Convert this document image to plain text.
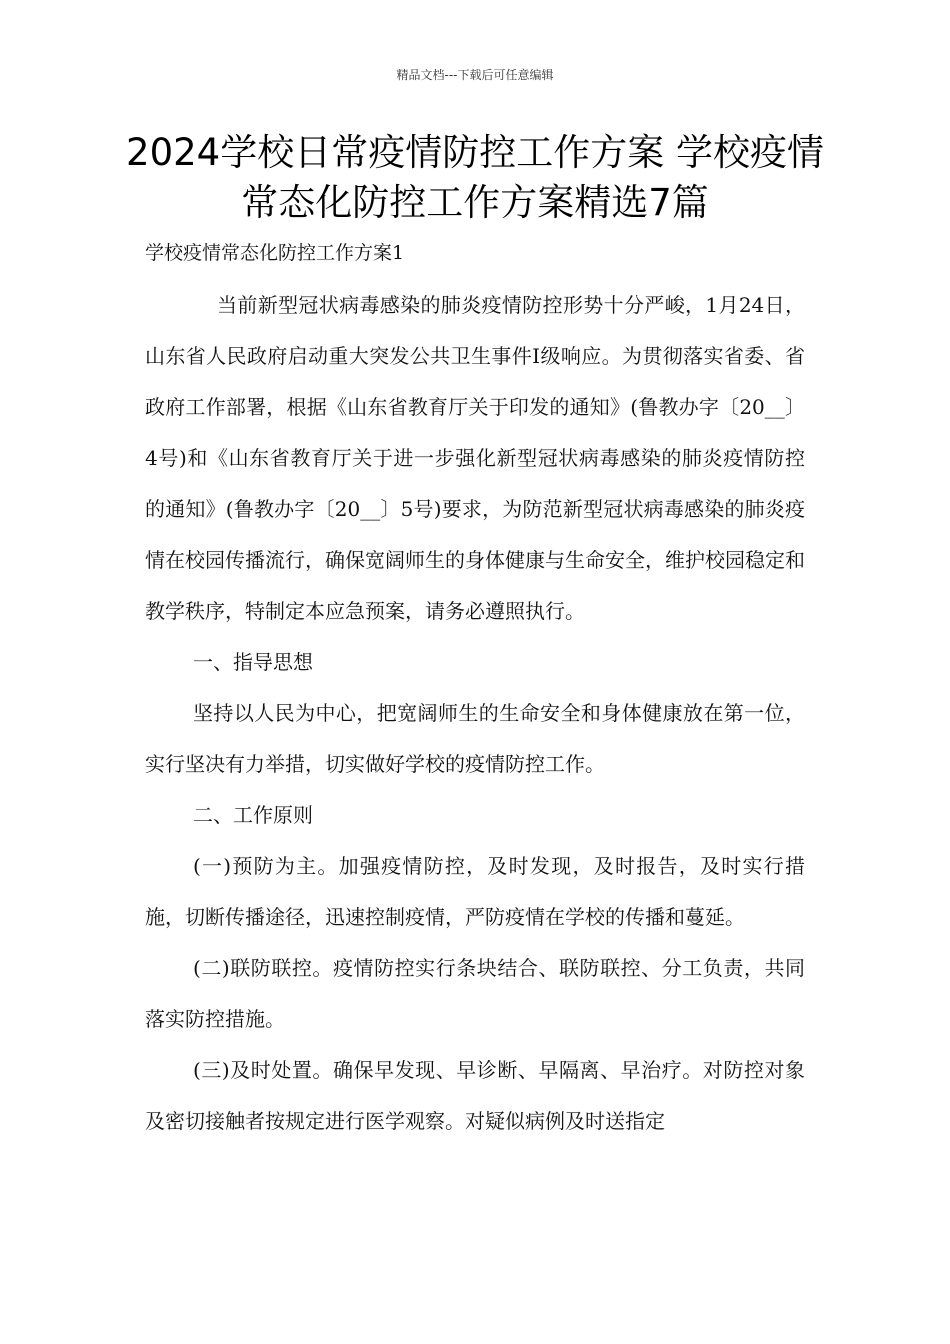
精品文档---下载后可任意编辑
2024学校日常疫情防控工作方案 学校疫情常态化防控工作方案精选7篇

学校疫情常态化防控工作方案1

当前新型冠状病毒感染的肺炎疫情防控形势十分严峻，1月24日，山东省人民政府启动重大突发公共卫生事件Ⅰ级响应。为贯彻落实省委、省政府工作部署，根据《山东省教育厅关于印发的通知》(鲁教办字〔20__〕4号)和《山东省教育厅关于进一步强化新型冠状病毒感染的肺炎疫情防控的通知》(鲁教办字〔20__〕5号)要求，为防范新型冠状病毒感染的肺炎疫情在校园传播流行，确保宽阔师生的身体健康与生命安全，维护校园稳定和教学秩序，特制定本应急预案，请务必遵照执行。

一、指导思想

坚持以人民为中心，把宽阔师生的生命安全和身体健康放在第一位，实行坚决有力举措，切实做好学校的疫情防控工作。

二、工作原则

(一)预防为主。加强疫情防控，及时发现，及时报告，及时实行措施，切断传播途径，迅速控制疫情，严防疫情在学校的传播和蔓延。

(二)联防联控。疫情防控实行条块结合、联防联控、分工负责，共同落实防控措施。

(三)及时处置。确保早发现、早诊断、早隔离、早治疗。对防控对象及密切接触者按规定进行医学观察。对疑似病例及时送指定
